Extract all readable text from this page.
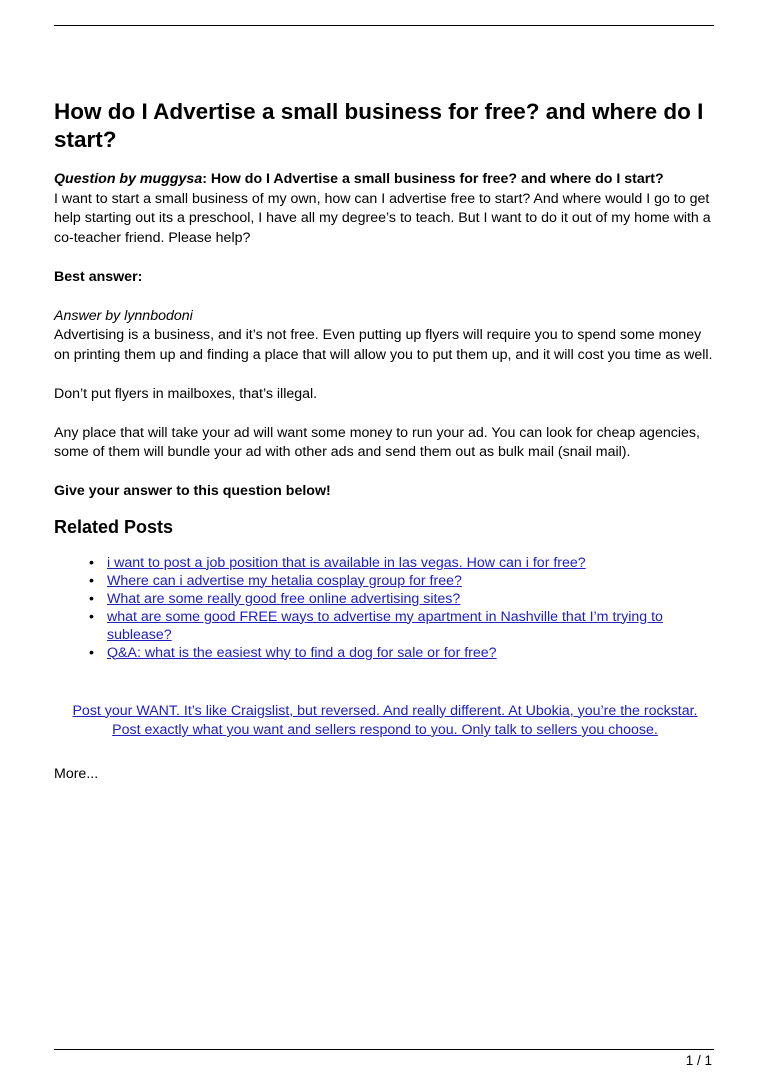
How do I Advertise a small business for free? and where do I start?

Question by muggysa: How do I Advertise a small business for free? and where do I start?
I want to start a small business of my own, how can I advertise free to start? And where would I go to get help starting out its a preschool, I have all my degree’s to teach. But I want to do it out of my home with a co-teacher friend. Please help?

Best answer:

Answer by lynnbodoni
Advertising is a business, and it’s not free. Even putting up flyers will require you to spend some money on printing them up and finding a place that will allow you to put them up, and it will cost you time as well.

Don’t put flyers in mailboxes, that’s illegal.

Any place that will take your ad will want some money to run your ad. You can look for cheap agencies, some of them will bundle your ad with other ads and send them out as bulk mail (snail mail).

Give your answer to this question below!

Related Posts
• i want to post a job position that is available in las vegas. How can i for free?
• Where can i advertise my hetalia cosplay group for free?
• What are some really good free online advertising sites?
• what are some good FREE ways to advertise my apartment in Nashville that I’m trying to sublease?
• Q&A: what is the easiest why to find a dog for sale or for free?

Post your WANT. It’s like Craigslist, but reversed. And really different. At Ubokia, you’re the rockstar. Post exactly what you want and sellers respond to you. Only talk to sellers you choose.

More...

1 / 1
